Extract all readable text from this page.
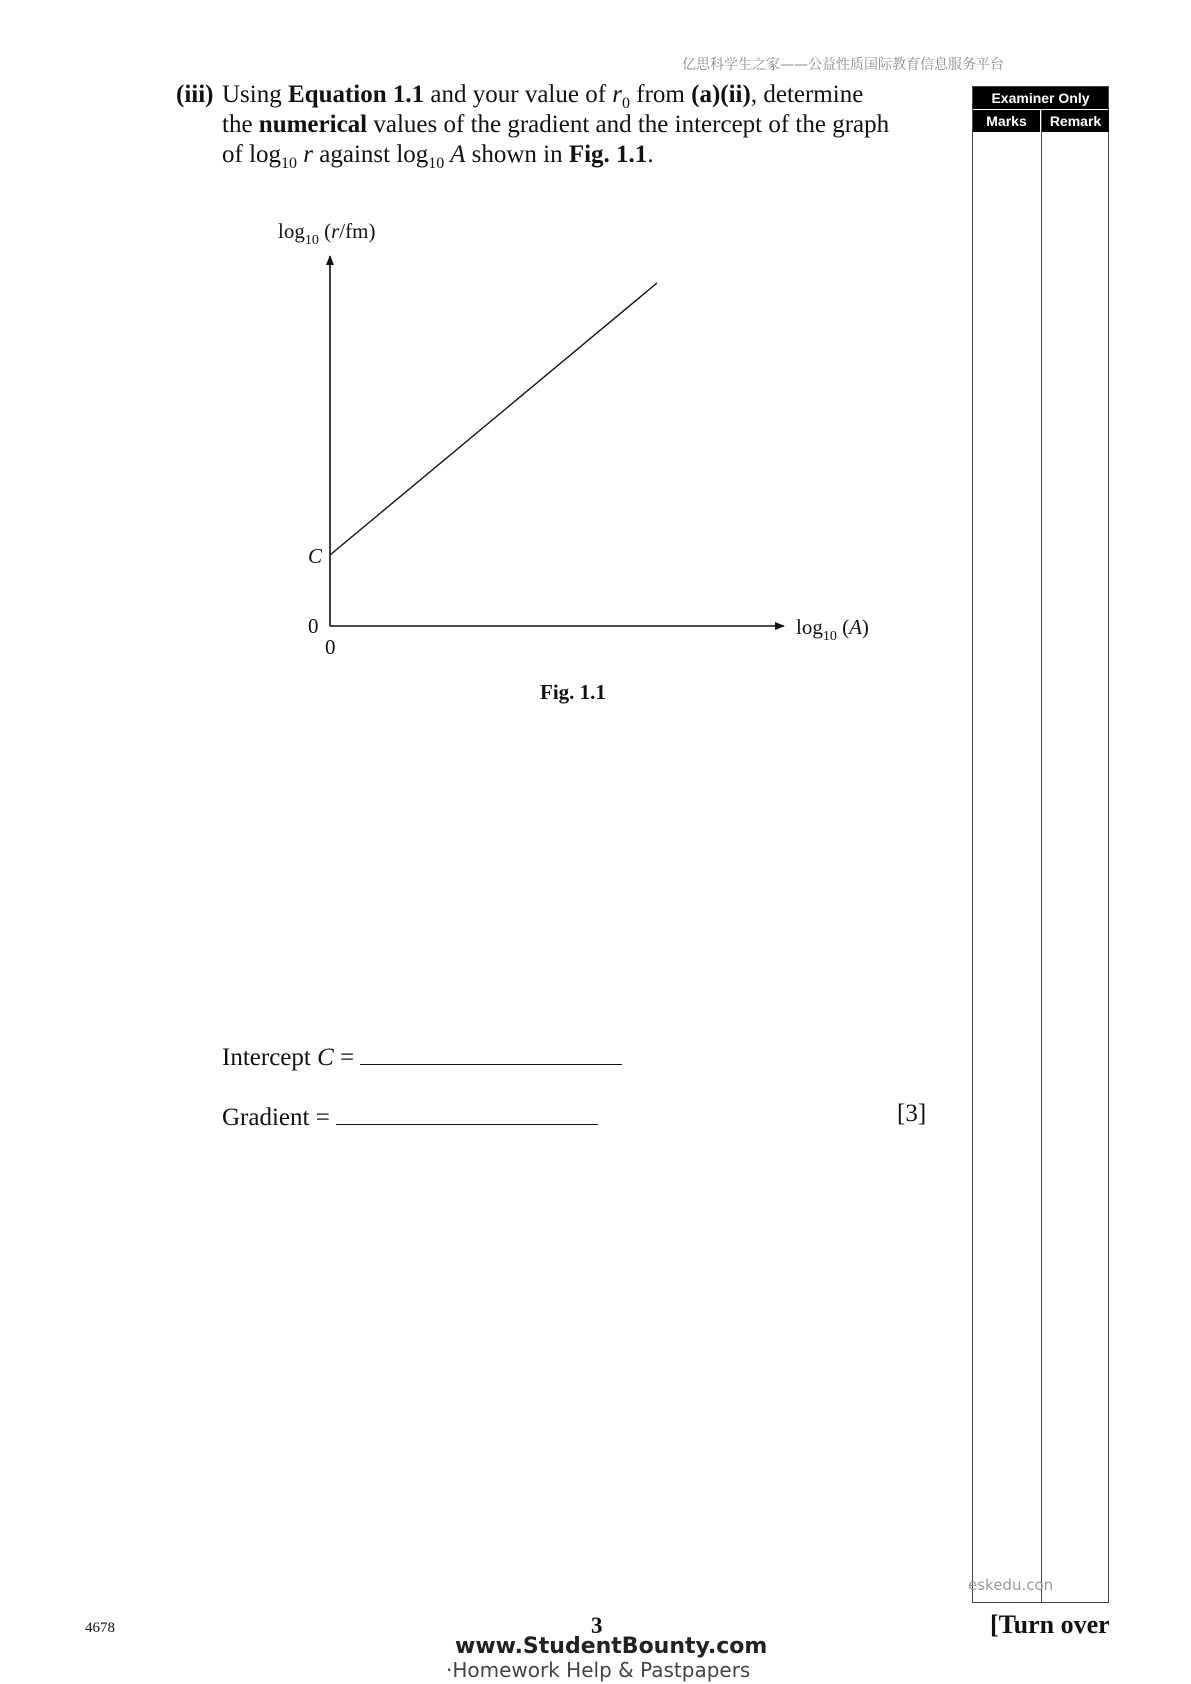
亿思科学生之家——公益性质国际教育信息服务平台
(iii) Using Equation 1.1 and your value of $r_0$ from (a)(ii), determine
the numerical values of the gradient and the intercept of the graph
of $\log_{10} r$ against $\log_{10} A$ shown in Fig. 1.1.
$\log_{10} (r/fm)$
$\log_{10} (A)$
C
0
0
Fig. 1.1
Intercept C =
Gradient =	[3]
Examiner Only
Marks	Remark
eskedu.con
4678	3	[Turn over
www.StudentBounty.com
·Homework Help & Pastpapers
